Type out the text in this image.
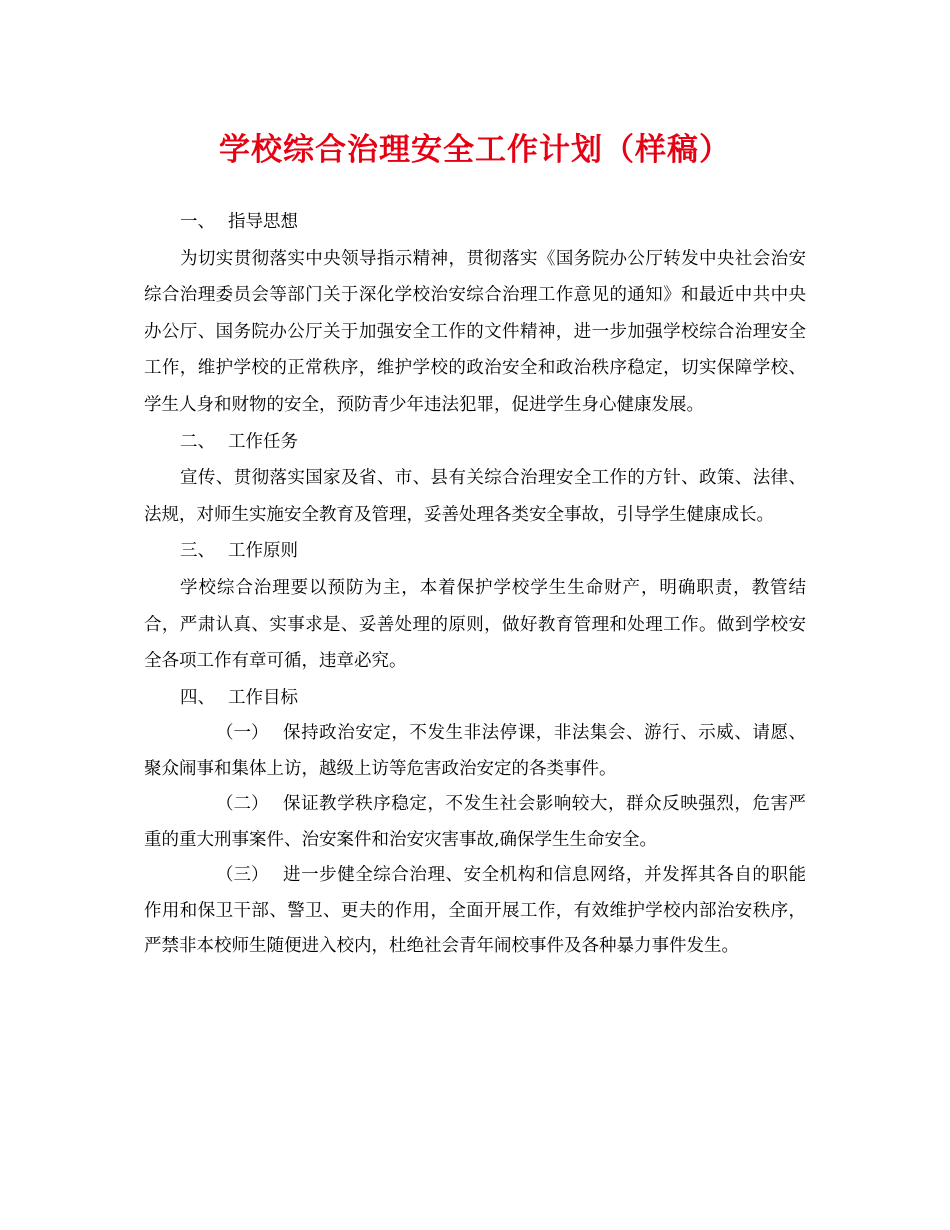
学校综合治理安全工作计划（样稿）

一、 指导思想

为切实贯彻落实中央领导指示精神，贯彻落实《国务院办公厅转发中央社会治安综合治理委员会等部门关于深化学校治安综合治理工作意见的通知》和最近中共中央办公厅、国务院办公厅关于加强安全工作的文件精神，进一步加强学校综合治理安全工作，维护学校的正常秩序，维护学校的政治安全和政治秩序稳定，切实保障学校、学生人身和财物的安全，预防青少年违法犯罪，促进学生身心健康发展。

二、 工作任务

宣传、贯彻落实国家及省、市、县有关综合治理安全工作的方针、政策、法律、法规，对师生实施安全教育及管理，妥善处理各类安全事故，引导学生健康成长。

三、 工作原则

学校综合治理要以预防为主，本着保护学校学生生命财产，明确职责，教管结合，严肃认真、实事求是、妥善处理的原则，做好教育管理和处理工作。做到学校安全各项工作有章可循，违章必究。

四、 工作目标

（一） 保持政治安定，不发生非法停课，非法集会、游行、示威、请愿、聚众闹事和集体上访，越级上访等危害政治安定的各类事件。

（二） 保证教学秩序稳定，不发生社会影响较大，群众反映强烈，危害严重的重大刑事案件、治安案件和治安灾害事故,确保学生生命安全。

（三） 进一步健全综合治理、安全机构和信息网络，并发挥其各自的职能作用和保卫干部、警卫、更夫的作用，全面开展工作，有效维护学校内部治安秩序，严禁非本校师生随便进入校内，杜绝社会青年闹校事件及各种暴力事件发生。
